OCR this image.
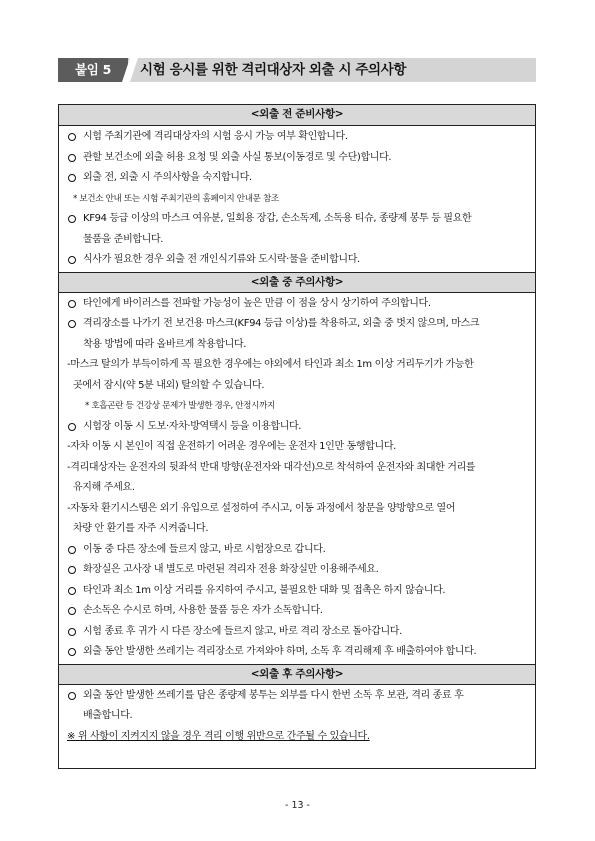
붙임 5	시험 응시를 위한 격리대상자 외출 시 주의사항
<외출 전 준비사항>
시험 주최기관에 격리대상자의 시험 응시 가능 여부 확인합니다.
관할 보건소에 외출 허용 요청 및 외출 사실 통보(이동경로 및 수단)합니다.
외출 전, 외출 시 주의사항을 숙지합니다.
* 보건소 안내 또는 시험 주최기관의 홈페이지 안내문 참조
KF94 등급 이상의 마스크 여유분, 일회용 장갑, 손소독제, 소독용 티슈, 종량제 봉투 등 필요한
물품을 준비합니다.
식사가 필요한 경우 외출 전 개인식기류와 도시락·물을 준비합니다.
<외출 중 주의사항>
타인에게 바이러스를 전파할 가능성이 높은 만큼 이 점을 상시 상기하여 주의합니다.
격리장소를 나가기 전 보건용 마스크(KF94 등급 이상)를 착용하고, 외출 중 벗지 않으며, 마스크
착용 방법에 따라 올바르게 착용합니다.
-마스크 탈의가 부득이하게 꼭 필요한 경우에는 야외에서 타인과 최소 1m 이상 거리두기가 가능한
곳에서 잠시(약 5분 내외) 탈의할 수 있습니다.
* 호흡곤란 등 건강상 문제가 발생한 경우, 안정시까지
시험장 이동 시 도보·자차·방역택시 등을 이용합니다.
-자차 이동 시 본인이 직접 운전하기 어려운 경우에는 운전자 1인만 동행합니다.
-격리대상자는 운전자의 뒷좌석 반대 방향(운전자와 대각선)으로 착석하여 운전자와 최대한 거리를
유지해 주세요.
-자동차 환기시스템은 외기 유입으로 설정하여 주시고, 이동 과정에서 창문을 양방향으로 열어
차량 안 환기를 자주 시켜줍니다.
이동 중 다른 장소에 들르지 않고, 바로 시험장으로 갑니다.
화장실은 고사장 내 별도로 마련된 격리자 전용 화장실만 이용해주세요.
타인과 최소 1m 이상 거리를 유지하여 주시고, 불필요한 대화 및 접촉은 하지 않습니다.
손소독은 수시로 하며, 사용한 물품 등은 자가 소독합니다.
시험 종료 후 귀가 시 다른 장소에 들르지 않고, 바로 격리 장소로 돌아갑니다.
외출 동안 발생한 쓰레기는 격리장소로 가져와야 하며, 소독 후 격리해제 후 배출하여야 합니다.
<외출 후 주의사항>
외출 동안 발생한 쓰레기를 담은 종량제 봉투는 외부를 다시 한번 소독 후 보관, 격리 종료 후
배출합니다.
※ 위 사항이 지켜지지 않을 경우 격리 이행 위반으로 간주될 수 있습니다.
- 13 -
